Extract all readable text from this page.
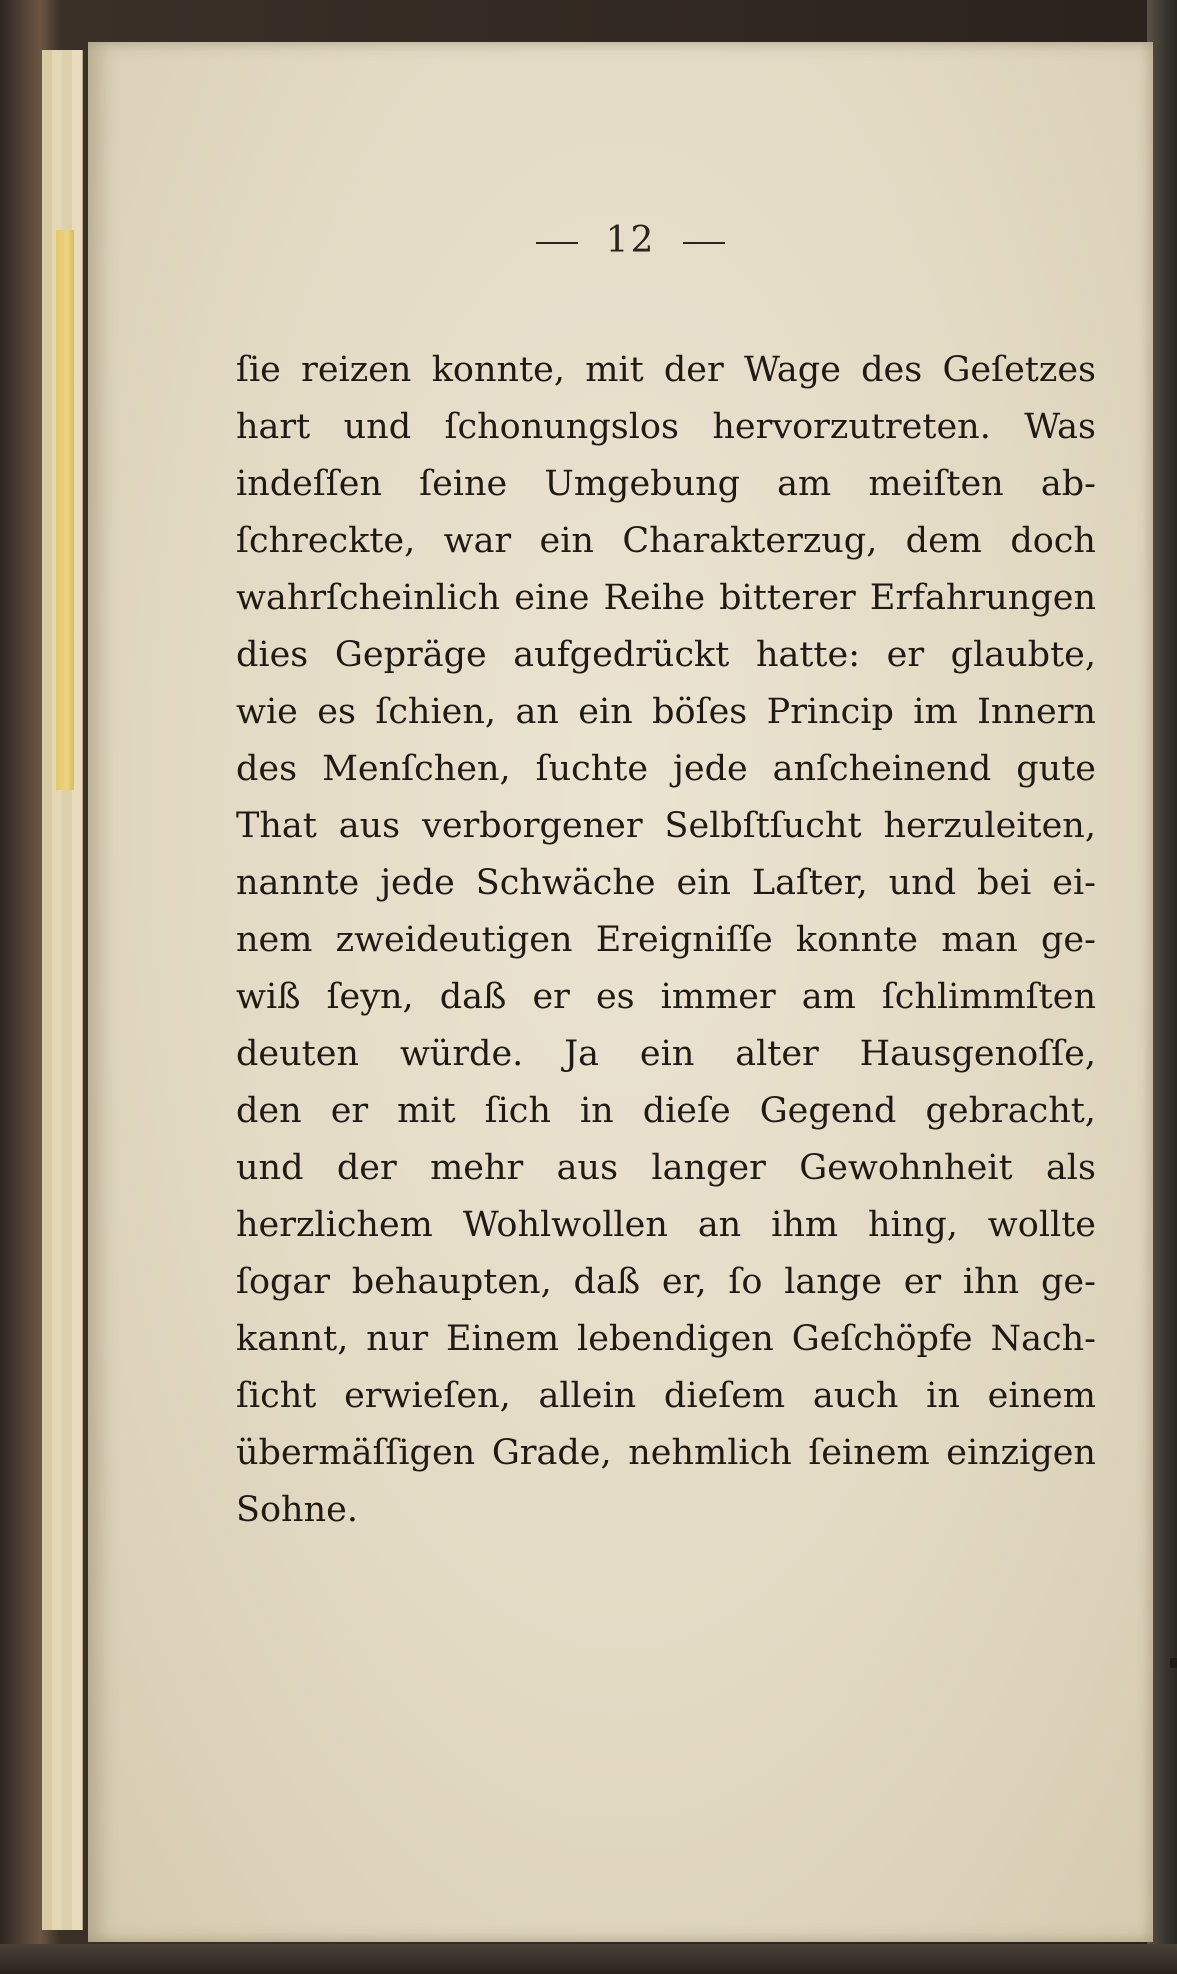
12
ſie reizen konnte, mit der Wage des Geſetzes
hart und ſchonungslos hervorzutreten. Was
indeſſen ſeine Umgebung am meiſten ab-
ſchreckte, war ein Charakterzug, dem doch
wahrſcheinlich eine Reihe bitterer Erfahrungen
dies Gepräge aufgedrückt hatte: er glaubte,
wie es ſchien, an ein böſes Princip im Innern
des Menſchen, ſuchte jede anſcheinend gute
That aus verborgener Selbſtſucht herzuleiten,
nannte jede Schwäche ein Laſter, und bei ei-
nem zweideutigen Ereigniſſe konnte man ge-
wiß ſeyn, daß er es immer am ſchlimmſten
deuten würde. Ja ein alter Hausgenoſſe,
den er mit ſich in dieſe Gegend gebracht,
und der mehr aus langer Gewohnheit als
herzlichem Wohlwollen an ihm hing, wollte
ſogar behaupten, daß er, ſo lange er ihn ge-
kannt, nur Einem lebendigen Geſchöpfe Nach-
ſicht erwieſen, allein dieſem auch in einem
übermäſſigen Grade, nehmlich ſeinem einzigen
Sohne.
